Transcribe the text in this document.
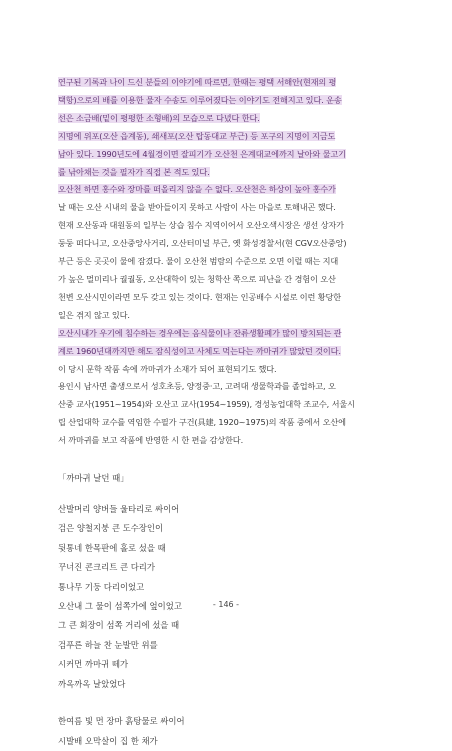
연구된 기록과 나이 드신 분들의 이야기에 따르면, 한때는 평택 서해안(현재의 평

택항)으로의 배를 이용한 물자 수송도 이루어졌다는 이야기도 전해지고 있다. 운송

선은 소금배(밑이 평평한 소형배)의 모습으로 다녔다 한다.

지명에 위포(오산 읍계동), 쇄새포(오산 탑동대교 부근) 등 포구의 지명이 지금도

남아 있다. 1990년도에 4월경이면 잘피기가 오산천 은계대교에까지 날아와 물고기

를 낚아채는 것을 필자가 직접 본 적도 있다.

오산천 하면 홍수와 장마를 떠올리지 않을 수 없다. 오산천은 하상이 높아 홍수가

날 때는 오산 시내의 물을 받아들이지 못하고 사람이 사는 마을로 토해내곤 했다.

현재 오산동과 대원동의 일부는 상습 침수 지역이어서 오산오색시장은 생선 상자가

둥둥 떠다니고, 오산중앙사거리, 오산터미널 부근, 옛 화성경찰서(현 CGV오산중앙)

부근 등은 곳곳이 물에 잠겼다. 물이 오산천 범람의 수준으로 오면 이럴 때는 지대

가 높은 멀미리나 궐궐동, 오산대학이 있는 청학산 쪽으로 피난을 간 경험이 오산

천변 오산시민이라면 모두 갖고 있는 것이다. 현재는 인공배수 시설로 이런 황당한

일은 겪지 않고 있다.

오산시내가 우기에 침수하는 경우에는 음식물이나 잔류생활폐가 많이 방치되는 관

계로 1960년대까지만 해도 잠식성이고 사체도 먹는다는 까마귀가 많았던 것이다.

이 당시 문학 작품 속에 까마귀가 소재가 되어 표현되기도 했다.

용인시 남사면 출생으로서 성호초등, 양정중·고, 고려대 생물학과를 졸업하고, 오

산중 교사(1951~1954)와 오산고 교사(1954~1959), 경성농업대학 조교수, 서울시

립 산업대학 교수를 역임한 수필가 구건(具建, 1920~1975)의 작품 중에서 오산에

서 까마귀를 보고 작품에 반영한 시 한 편을 감상한다.

「까마귀 날던 때」

산발머리 양버들 울타리로 싸이어

검은 양철지붕 큰 도수장인이

뒷통네 한목판에 홀로 섰을 때

꾸너진 콘크리트 큰 다리가

통나무 기둥 다리이었고

오산내 그 물이 섬쪽가에 엎이었고

그 큰 회장이 섬쪽 거리에 섰을 때

검푸른 하늘 찬 눈발만 위를

시커먼 까마귀 떼가

까옥까옥 날았었다

한여름 빛 먼 장마 흙탕물로 싸이어

시발배 오막살이 집 한 채가

- 146 -
